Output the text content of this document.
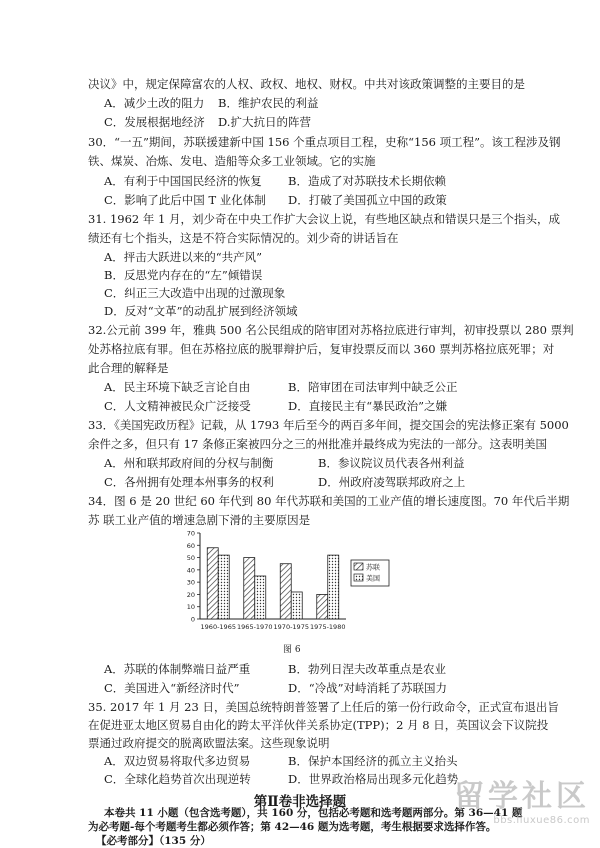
决议》中，规定保障富农的人权、政权、地权、财权。中共对该政策调整的主要目的是
A．减少土改的阻力 B．维护农民的利益
C．发展根据地经济 D.扩大抗日的阵营
30．“一五”期间，苏联援建新中国 156 个重点项目工程，史称“156 项工程”。该工程涉及钢
铁、煤炭、冶炼、发电、造船等众多工业领域。它的实施
A．有利于中国国民经济的恢复 B．造成了对苏联技术长期依赖
C．影响了此后中国 T 业化体制 D．打破了美国孤立中国的政策
31. 1962 年 1 月，刘少奇在中央工作扩大会议上说，有些地区缺点和错误只是三个指头，成
绩还有七个指头，这是不符合实际情况的。刘少奇的讲话旨在
A．抨击大跃进以来的“共产风”
B．反思党内存在的“左”倾错误
C．纠正三大改造中出现的过激现象
D．反对“文革”的动乱扩展到经济领域
32.公元前 399 年，雅典 500 名公民组成的陪审团对苏格拉底进行审判，初审投票以 280 票判
处苏格拉底有罪。但在苏格拉底的脱罪辩护后，复审投票反而以 360 票判苏格拉底死罪；对
此合理的解释是
A．民主环境下缺乏言论自由	B．陪审团在司法审判中缺乏公正
C．人文精神被民众广泛接受	D．直接民主有“暴民政治”之嫌
33．《美国宪政历程》记载，从 1793 年后至今的两百多年间，提交国会的宪法修正案有 5000
余件之多，但只有 17 条修正案被四分之三的州批准并最终成为宪法的一部分。这表明美国
A．州和联邦政府间的分权与制衡	B．参议院议员代表各州利益
C．各州拥有处理本州事务的权利	D．州政府凌驾联邦政府之上
34．图 6 是 20 世纪 60 年代到 80 年代苏联和美国的工业产值的增长速度图。70 年代后半期
苏 联工业产值的增速急剧下滑的主要原因是
0
10
20
30
40
50
60
70
1960-1965 1965-1970 1970-1975 1975-1980
苏联
美国
图 6
A．苏联的体制弊端日益严重	B．勃列日涅夫改革重点是农业
C．美国进入“新经济时代”	D．“冷战”对峙消耗了苏联国力
35. 2017 年 1 月 23 日，美国总统特朗普签署了上任后的第一份行政命令，正式宣布退出旨
在促进亚太地区贸易自由化的跨太平洋伙伴关系协定(TPP)；2 月 8 日，英国议会下议院投
票通过政府提交的脱离欧盟法案。这些现象说明
A．双边贸易将取代多边贸易	B．保护本国经济的孤立主义抬头
C．全球化趋势首次出现逆转	D．世界政治格局出现多元化趋势
第Ⅱ卷非选择题
本卷共 11 小题（包含选考题），共 160 分，包括必考题和选考题两部分。第 36—41 题
为必考题-每个考题考生都必须作答；第 42—46 题为选考题，考生根据要求选择作答。
【必考部分】（135 分）
留学社区
bbs.liuxue86.com
